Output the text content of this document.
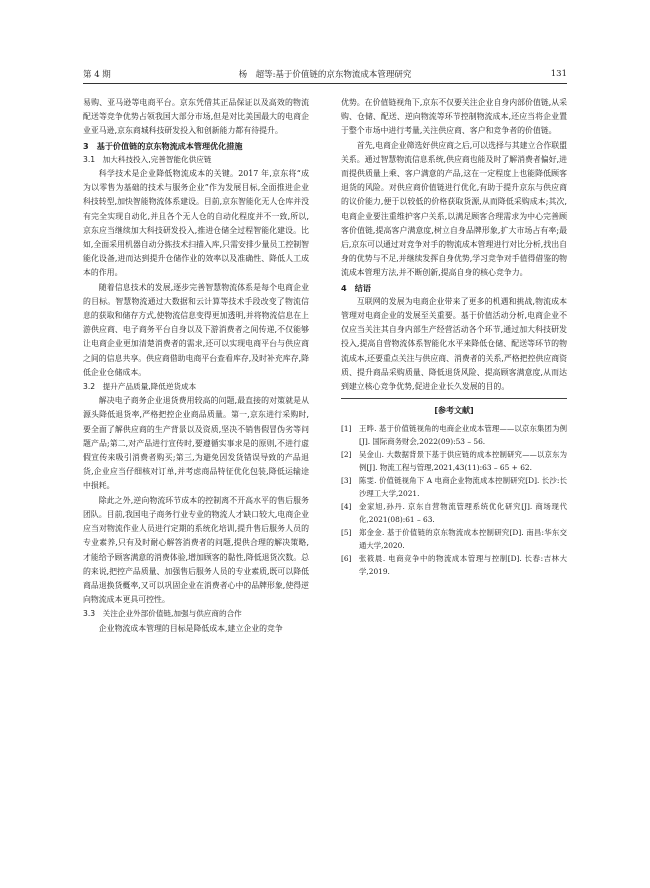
第 4 期	杨　超等:基于价值链的京东物流成本管理研究	131

易购、亚马逊等电商平台。京东凭借其正品保证以及高效的物流配送等竞争优势占领我国大部分市场,但是对比美国最大的电商企业亚马逊,京东商城科技研发投入和创新能力都有待提升。

3　基于价值链的京东物流成本管理优化措施
3.1　加大科技投入,完善智能化供应链

科学技术是企业降低物流成本的关键。2017 年,京东将“成为以零售为基础的技术与服务企业”作为发展目标,全面推进企业科技转型,加快智能物流体系建设。目前,京东智能化无人仓库并没有完全实现自动化,并且各个无人仓的自动化程度并不一致,所以,京东应当继续加大科技研发投入,推进仓储全过程智能化建设。比如,全面采用机器自动分拣技术扫描入库,只需安排少量员工控制智能化设备,进而达到提升仓储作业的效率以及准确性、降低人工成本的作用。

随着信息技术的发展,逐步完善智慧物流体系是每个电商企业的目标。智慧物流通过大数据和云计算等技术手段改变了物流信息的获取和储存方式,使物流信息变得更加透明,并将物流信息在上游供应商、电子商务平台自身以及下游消费者之间传递,不仅能够让电商企业更加清楚消费者的需求,还可以实现电商平台与供应商之间的信息共享。供应商借助电商平台查看库存,及时补充库存,降低企业仓储成本。

3.2　提升产品质量,降低逆货成本

解决电子商务企业退货费用较高的问题,最直接的对策就是从源头降低退货率,严格把控企业商品质量。第一,京东进行采购时,要全面了解供应商的生产背景以及资质,坚决不销售假冒伪劣等问题产品;第二,对产品进行宣传时,要遵循实事求是的原则,不进行虚假宣传来吸引消费者购买;第三,为避免因发货错误导致的产品退货,企业应当仔细核对订单,并考虑商品特征优化包装,降低运输途中损耗。

除此之外,逆向物流环节成本的控制离不开高水平的售后服务团队。目前,我国电子商务行业专业的物流人才缺口较大,电商企业应当对物流作业人员进行定期的系统化培训,提升售后服务人员的专业素养,只有及时耐心解答消费者的问题,提供合理的解决策略,才能给予顾客满意的消费体验,增加顾客的黏性,降低退货次数。总的来说,把控产品质量、加强售后服务人员的专业素质,既可以降低商品退换货概率,又可以巩固企业在消费者心中的品牌形象,使得逆向物流成本更具可控性。

3.3　关注企业外部价值链,加强与供应商的合作

企业物流成本管理的目标是降低成本,建立企业的竞争

优势。在价值链视角下,京东不仅要关注企业自身内部价值链,从采购、仓储、配送、逆向物流等环节控制物流成本,还应当将企业置于整个市场中进行考量,关注供应商、客户和竞争者的价值链。

首先,电商企业筛选好供应商之后,可以选择与其建立合作联盟关系。通过智慧物流信息系统,供应商也能及时了解消费者偏好,进而提供质量上乘、客户满意的产品,这在一定程度上也能降低顾客退货的风险。对供应商价值链进行优化,有助于提升京东与供应商的议价能力,便于以较低的价格获取货源,从而降低采购成本;其次,电商企业要注重维护客户关系,以满足顾客合理需求为中心完善顾客价值链,提高客户满意度,树立自身品牌形象,扩大市场占有率;最后,京东可以通过对竞争对手的物流成本管理进行对比分析,找出自身的优势与不足,并继续发挥自身优势,学习竞争对手值得借鉴的物流成本管理方法,并不断创新,提高自身的核心竞争力。

4　结语

互联网的发展为电商企业带来了更多的机遇和挑战,物流成本管理对电商企业的发展至关重要。基于价值活动分析,电商企业不仅应当关注其自身内部生产经营活动各个环节,通过加大科技研发投入,提高自营物流体系智能化水平来降低仓储、配送等环节的物流成本,还要重点关注与供应商、消费者的关系,严格把控供应商资质、提升商品采购质量、降低退货风险、提高顾客满意度,从而达到建立核心竞争优势,促进企业长久发展的目的。

[参考文献]
[1]	王晔. 基于价值链视角的电商企业成本管理——以京东集团为例[J]. 国际商务财会,2022(09):53 – 56.
[2]	吴金山. 大数据背景下基于供应链的成本控制研究——以京东为例[J]. 物流工程与管理,2021,43(11):63 – 65 + 62.
[3]	陈雯. 价值链视角下 A 电商企业物流成本控制研究[D]. 长沙:长沙理工大学,2021.
[4]	金家旭,孙丹. 京东自营物流管理系统优化研究[J]. 商场现代化,2021(08):61 – 63.
[5]	郑金金. 基于价值链的京东物流成本控制研究[D]. 南昌:华东交通大学,2020.
[6]	张筱晨. 电商竞争中的物流成本管理与控制[D]. 长春:吉林大学,2019.
